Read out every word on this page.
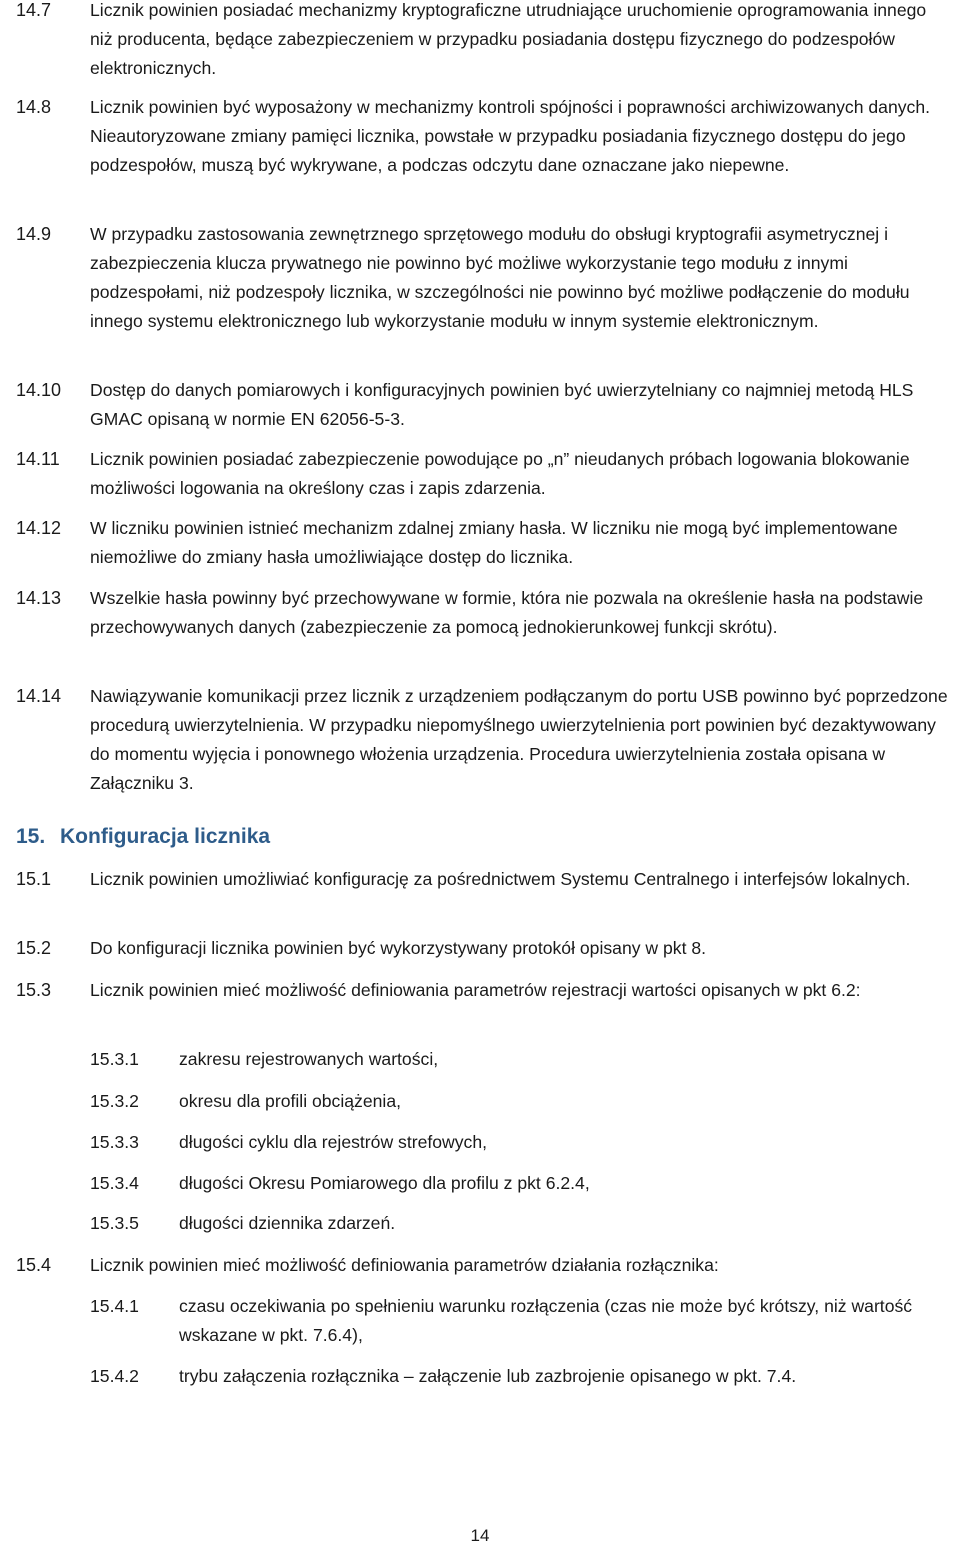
14.7 Licznik powinien posiadać mechanizmy kryptograficzne utrudniające uruchomienie oprogramowania innego niż producenta, będące zabezpieczeniem w przypadku posiadania dostępu fizycznego do podzespołów elektronicznych.
14.8 Licznik powinien być wyposażony w mechanizmy kontroli spójności i poprawności archiwizowanych danych. Nieautoryzowane zmiany pamięci licznika, powstałe w przypadku posiadania fizycznego dostępu do jego podzespołów, muszą być wykrywane, a podczas odczytu dane oznaczane jako niepewne.
14.9 W przypadku zastosowania zewnętrznego sprzętowego modułu do obsługi kryptografii asymetrycznej i zabezpieczenia klucza prywatnego nie powinno być możliwe wykorzystanie tego modułu z innymi podzespołami, niż podzespoły licznika, w szczególności nie powinno być możliwe podłączenie do modułu innego systemu elektronicznego lub wykorzystanie modułu w innym systemie elektronicznym.
14.10 Dostęp do danych pomiarowych i konfiguracyjnych powinien być uwierzytelniany co najmniej metodą HLS GMAC opisaną w normie EN 62056-5-3.
14.11 Licznik powinien posiadać zabezpieczenie powodujące po „n” nieudanych próbach logowania blokowanie możliwości logowania na określony czas i zapis zdarzenia.
14.12 W liczniku powinien istnieć mechanizm zdalnej zmiany hasła. W liczniku nie mogą być implementowane niemożliwe do zmiany hasła umożliwiające dostęp do licznika.
14.13 Wszelkie hasła powinny być przechowywane w formie, która nie pozwala na określenie hasła na podstawie przechowywanych danych (zabezpieczenie za pomocą jednokierunkowej funkcji skrótu).
14.14 Nawiązywanie komunikacji przez licznik z urządzeniem podłączanym do portu USB powinno być poprzedzone procedurą uwierzytelnienia. W przypadku niepomyślnego uwierzytelnienia port powinien być dezaktywowany do momentu wyjęcia i ponownego włożenia urządzenia. Procedura uwierzytelnienia została opisana w Załączniku 3.
15. Konfiguracja licznika
15.1 Licznik powinien umożliwiać konfigurację za pośrednictwem Systemu Centralnego i interfejsów lokalnych.
15.2 Do konfiguracji licznika powinien być wykorzystywany protokół opisany w pkt 8.
15.3 Licznik powinien mieć możliwość definiowania parametrów rejestracji wartości opisanych w pkt 6.2:
15.3.1 zakresu rejestrowanych wartości,
15.3.2 okresu dla profili obciążenia,
15.3.3 długości cyklu dla rejestrów strefowych,
15.3.4 długości Okresu Pomiarowego dla profilu z pkt 6.2.4,
15.3.5 długości dziennika zdarzeń.
15.4 Licznik powinien mieć możliwość definiowania parametrów działania rozłącznika:
15.4.1 czasu oczekiwania po spełnieniu warunku rozłączenia (czas nie może być krótszy, niż wartość wskazane w pkt. 7.6.4),
15.4.2 trybu załączenia rozłącznika – załączenie lub zazbrojenie opisanego w pkt. 7.4.
14
